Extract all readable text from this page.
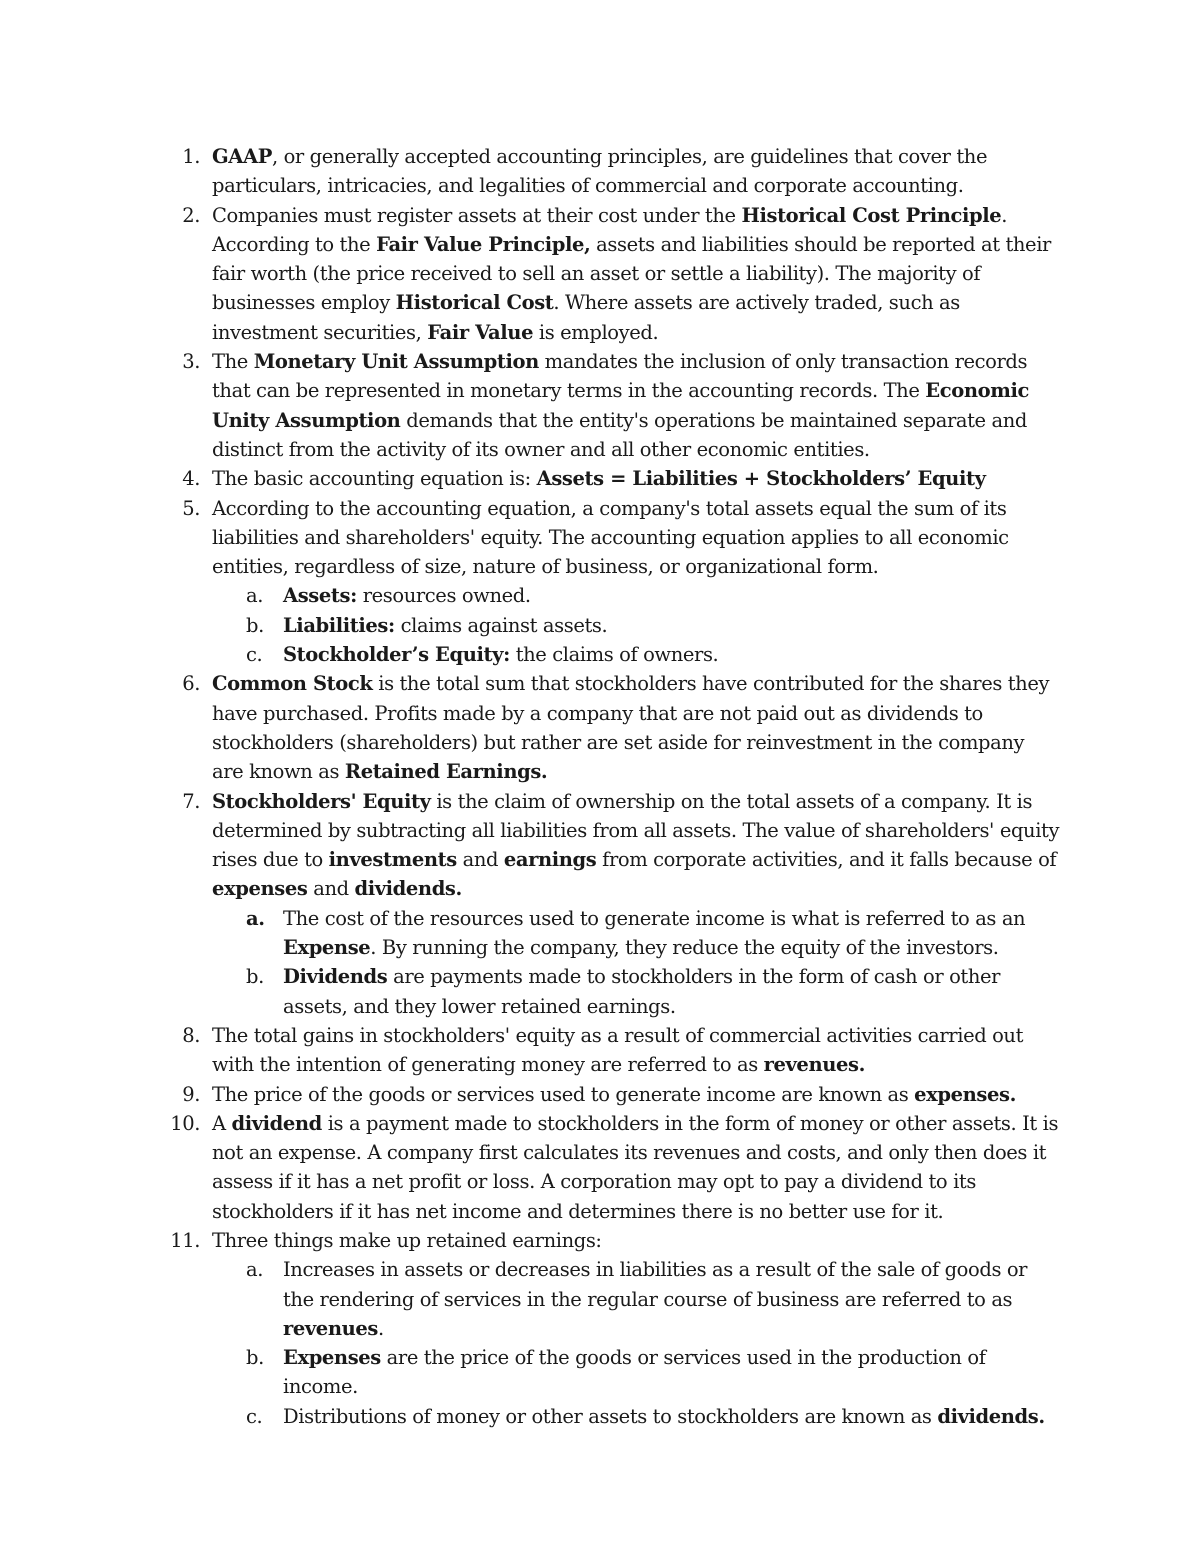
1. GAAP, or generally accepted accounting principles, are guidelines that cover the particulars, intricacies, and legalities of commercial and corporate accounting.
2. Companies must register assets at their cost under the Historical Cost Principle. According to the Fair Value Principle, assets and liabilities should be reported at their fair worth (the price received to sell an asset or settle a liability). The majority of businesses employ Historical Cost. Where assets are actively traded, such as investment securities, Fair Value is employed.
3. The Monetary Unit Assumption mandates the inclusion of only transaction records that can be represented in monetary terms in the accounting records. The Economic Unity Assumption demands that the entity's operations be maintained separate and distinct from the activity of its owner and all other economic entities.
4. The basic accounting equation is: Assets = Liabilities + Stockholders’ Equity
5. According to the accounting equation, a company's total assets equal the sum of its liabilities and shareholders' equity. The accounting equation applies to all economic entities, regardless of size, nature of business, or organizational form.
a.	Assets: resources owned.
b. Liabilities: claims against assets.
c.	Stockholder’s Equity: the claims of owners.
6. Common Stock is the total sum that stockholders have contributed for the shares they have purchased. Profits made by a company that are not paid out as dividends to stockholders (shareholders) but rather are set aside for reinvestment in the company are known as Retained Earnings.
7. Stockholders' Equity is the claim of ownership on the total assets of a company. It is determined by subtracting all liabilities from all assets. The value of shareholders' equity rises due to investments and earnings from corporate activities, and it falls because of expenses and dividends.
a. The cost of the resources used to generate income is what is referred to as an Expense. By running the company, they reduce the equity of the investors.
b. Dividends are payments made to stockholders in the form of cash or other assets, and they lower retained earnings.
8. The total gains in stockholders' equity as a result of commercial activities carried out with the intention of generating money are referred to as revenues.
9. The price of the goods or services used to generate income are known as expenses.
10. A dividend is a payment made to stockholders in the form of money or other assets. It is not an expense. A company first calculates its revenues and costs, and only then does it assess if it has a net profit or loss. A corporation may opt to pay a dividend to its stockholders if it has net income and determines there is no better use for it.
11. Three things make up retained earnings:
a.	Increases in assets or decreases in liabilities as a result of the sale of goods or the rendering of services in the regular course of business are referred to as revenues.
b. Expenses are the price of the goods or services used in the production of income.
c.	Distributions of money or other assets to stockholders are known as dividends.
